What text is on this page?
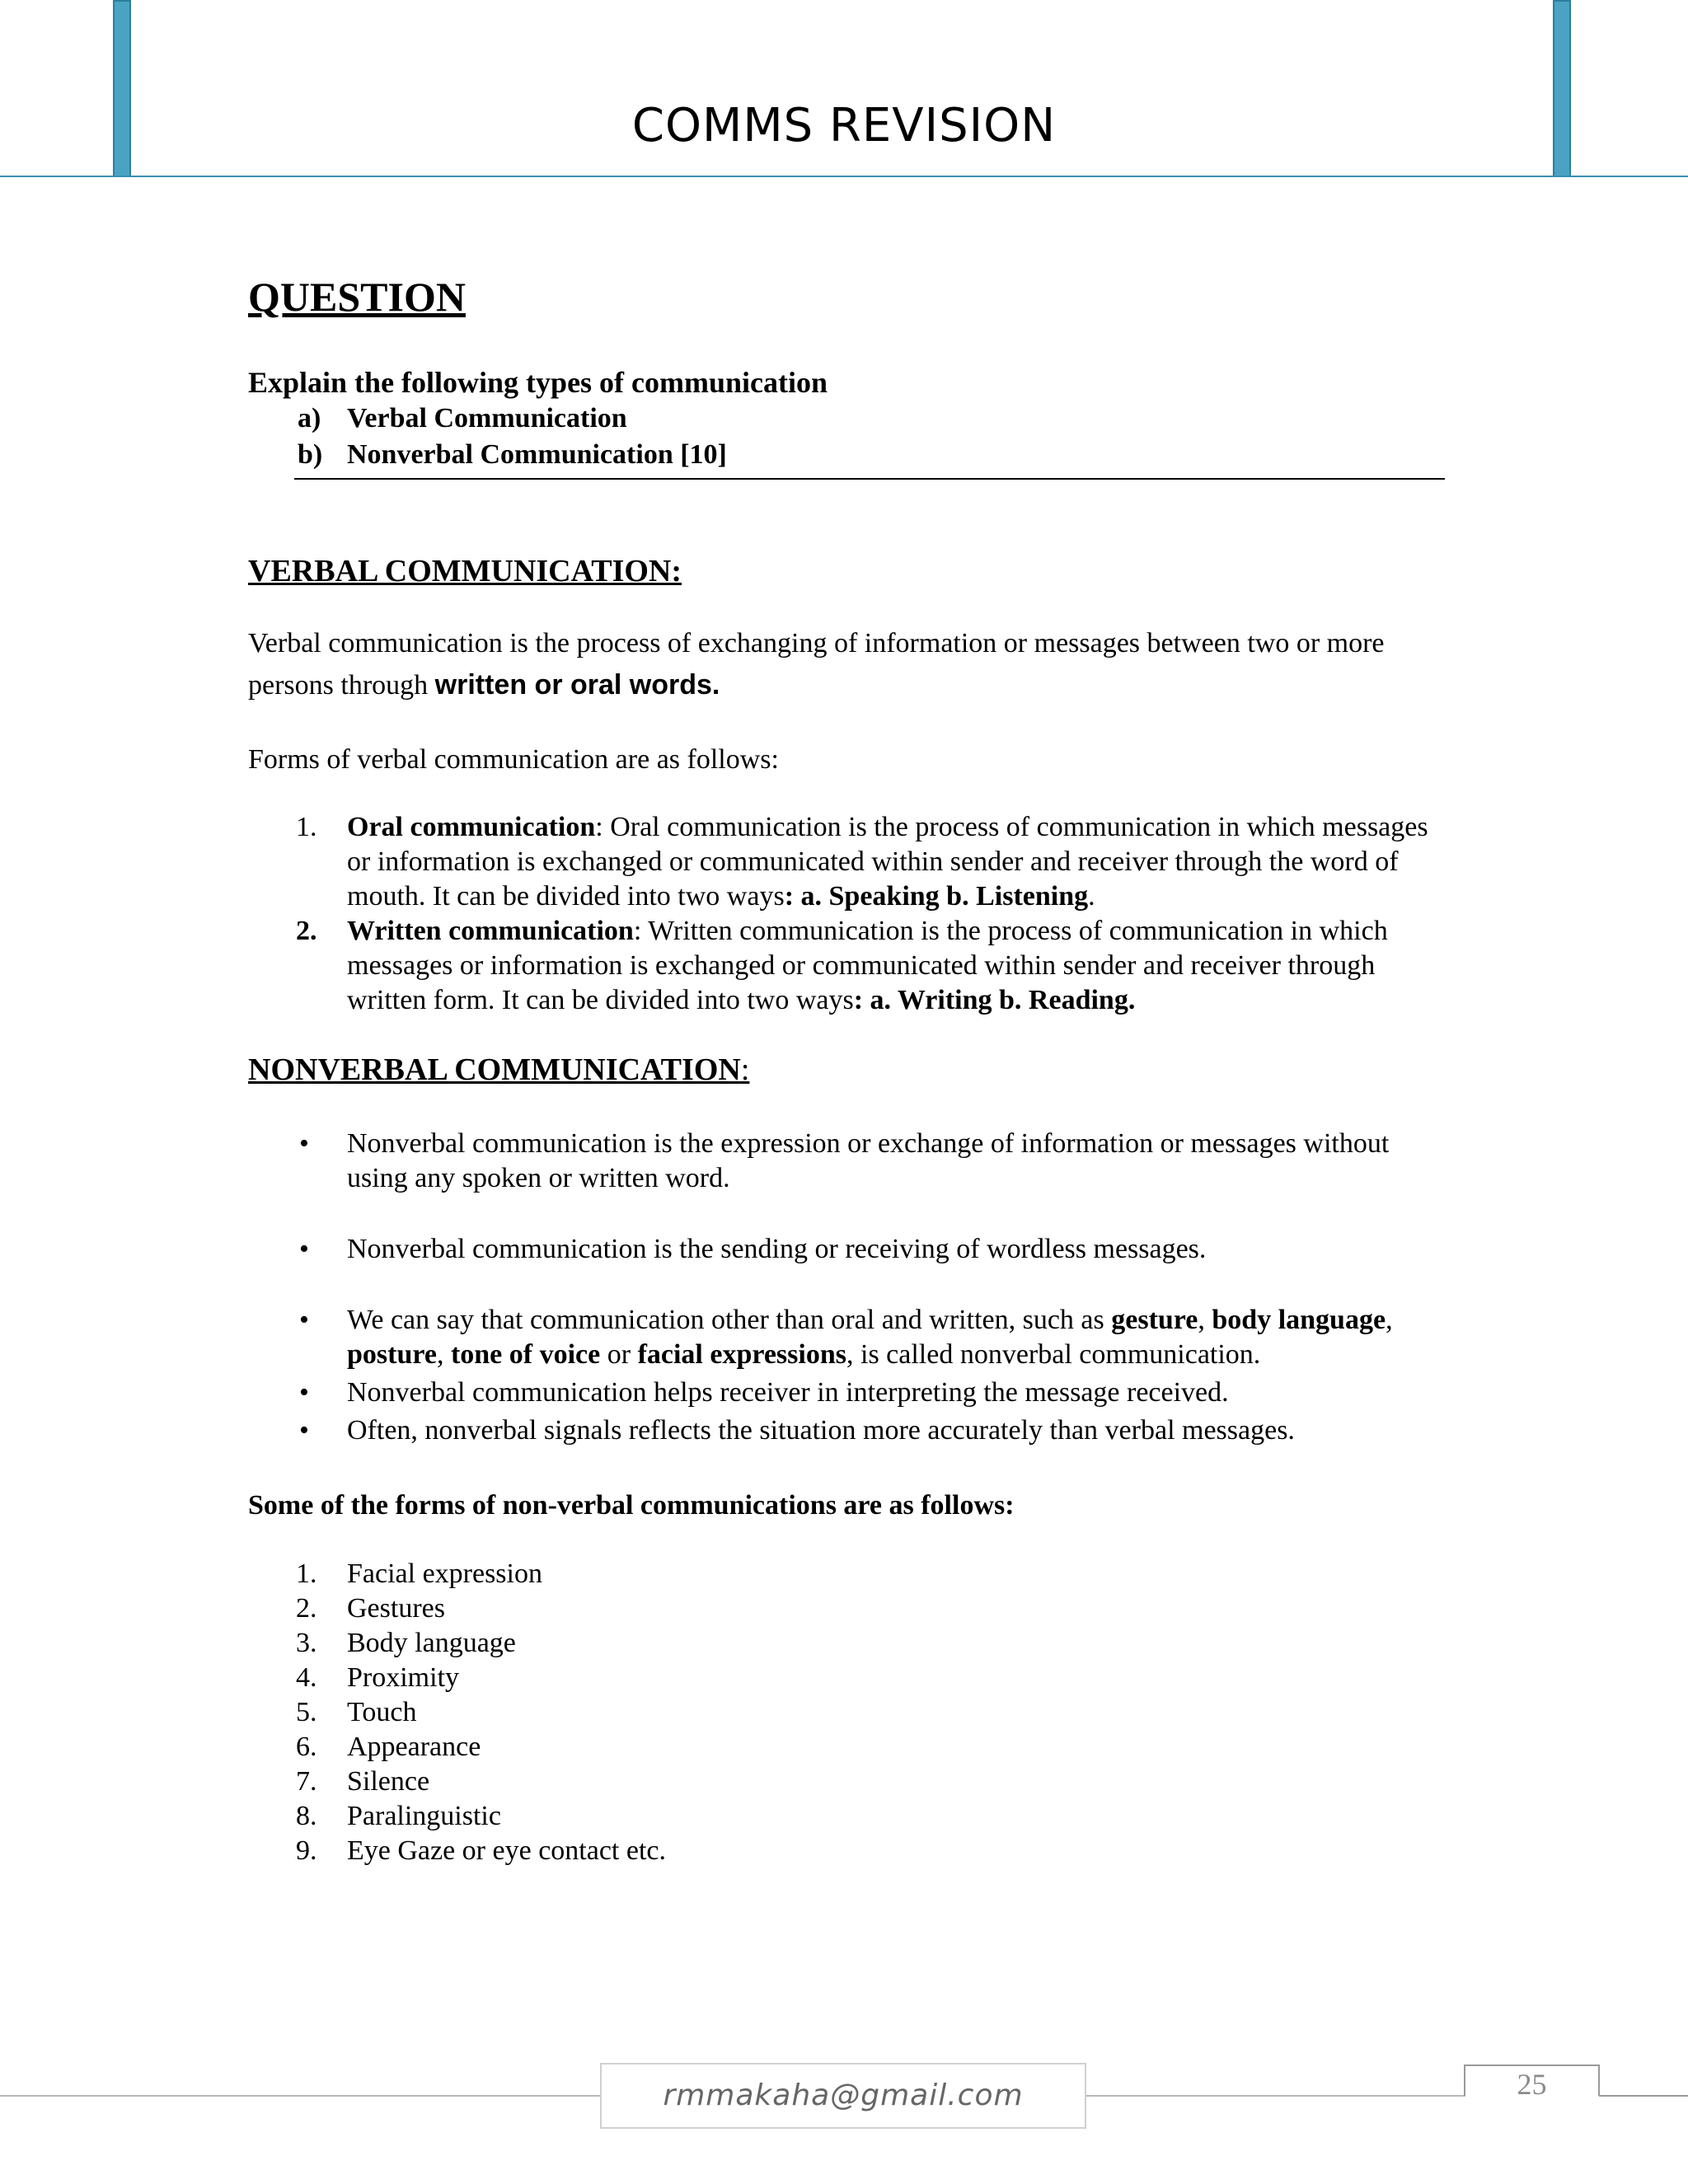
COMMS REVISION
QUESTION
Explain the following types of communication
a) Verbal Communication
b) Nonverbal Communication [10]
VERBAL COMMUNICATION:
Verbal communication is the process of exchanging of information or messages between two or more persons through written or oral words.
Forms of verbal communication are as follows:
1.	Oral communication: Oral communication is the process of communication in which messages or information is exchanged or communicated within sender and receiver through the word of mouth. It can be divided into two ways: a. Speaking b. Listening.
2.	Written communication: Written communication is the process of communication in which messages or information is exchanged or communicated within sender and receiver through written form. It can be divided into two ways: a. Writing b. Reading.
NONVERBAL COMMUNICATION:
• Nonverbal communication is the expression or exchange of information or messages without using any spoken or written word.
• Nonverbal communication is the sending or receiving of wordless messages.
• We can say that communication other than oral and written, such as gesture, body language, posture, tone of voice or facial expressions, is called nonverbal communication.
• Nonverbal communication helps receiver in interpreting the message received.
• Often, nonverbal signals reflects the situation more accurately than verbal messages.
Some of the forms of non-verbal communications are as follows:
1. Facial expression
2. Gestures
3. Body language
4. Proximity
5. Touch
6. Appearance
7. Silence
8. Paralinguistic
9. Eye Gaze or eye contact etc.
rmmakaha@gmail.com	25
